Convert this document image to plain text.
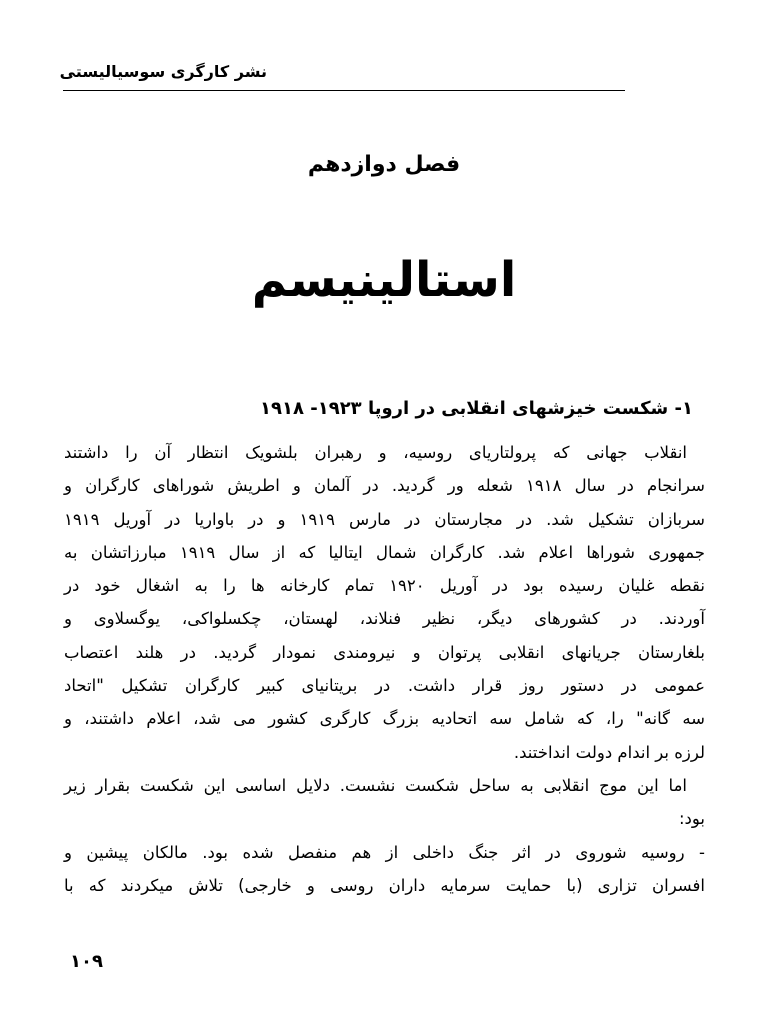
نشر کارگری سوسیالیستی
فصل دوازدهم
استالینیسم
۱- شکست خیزشهای انقلابی در اروپا ۱۹۲۳- ۱۹۱۸
انقلاب جهانی که پرولتاریای روسیه، و رهبران بلشویک انتظار آن را داشتند
سرانجام در سال ۱۹۱۸ شعله ور گردید. در آلمان و اطریش شوراهای کارگران و
سربازان تشکیل شد. در مجارستان در مارس ۱۹۱۹ و در باواریا در آوریل ۱۹۱۹
جمهوری شوراها اعلام شد. کارگران شمال ایتالیا که از سال ۱۹۱۹ مبارزاتشان به
نقطه غلیان رسیده بود در آوریل ۱۹۲۰ تمام کارخانه ها را به اشغال خود در
آوردند. در کشورهای دیگر، نظیر فنلاند، لهستان، چکسلواکی، یوگسلاوی و
بلغارستان جریانهای انقلابی پرتوان و نیرومندی نمودار گردید. در هلند اعتصاب
عمومی در دستور روز قرار داشت. در بریتانیای کبیر کارگران تشکیل "اتحاد
سه گانه" را، که شامل سه اتحادیه بزرگ کارگری کشور می شد، اعلام داشتند، و
لرزه بر اندام دولت انداختند.
اما این موج انقلابی به ساحل شکست نشست. دلایل اساسی این شکست بقرار زیر
بود:
- روسیه شوروی در اثر جنگ داخلی از هم منفصل شده بود. مالکان پیشین و
افسران تزاری (با حمایت سرمایه داران روسی و خارجی) تلاش میکردند که با
۱۰۹
